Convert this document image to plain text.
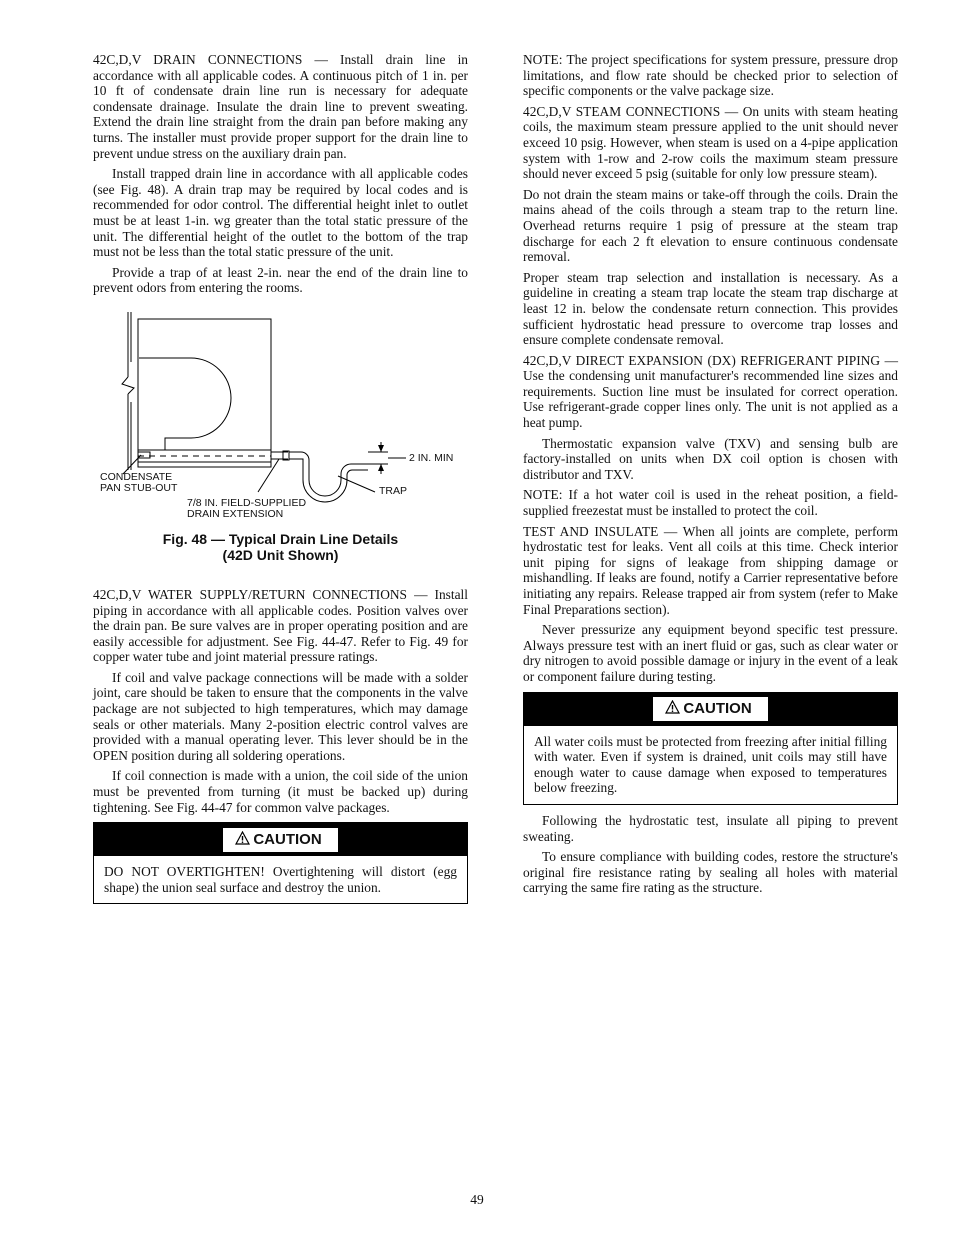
42C,D,V DRAIN CONNECTIONS — Install drain line in accordance with all applicable codes. A continuous pitch of 1 in. per 10 ft of condensate drain line run is necessary for adequate condensate drainage. Insulate the drain line to prevent sweating. Extend the drain line straight from the drain pan before making any turns. The installer must provide proper support for the drain line to prevent undue stress on the auxiliary drain pan.

Install trapped drain line in accordance with all applicable codes (see Fig. 48). A drain trap may be required by local codes and is recommended for odor control. The differential height inlet to outlet must be at least 1-in. wg greater than the total static pressure of the unit. The differential height of the outlet to the bottom of the trap must not be less than the total static pressure of the unit.

Provide a trap of at least 2-in. near the end of the drain line to prevent odors from entering the rooms.

2 IN. MIN
TRAP
CONDENSATE
PAN STUB-OUT
7/8 IN. FIELD-SUPPLIED
DRAIN EXTENSION
Fig. 48 — Typical Drain Line Details
(42D Unit Shown)

42C,D,V WATER SUPPLY/RETURN CONNECTIONS — Install piping in accordance with all applicable codes. Position valves over the drain pan. Be sure valves are in proper operating position and are easily accessible for adjustment. See Fig. 44-47. Refer to Fig. 49 for copper water tube and joint material pressure ratings.

If coil and valve package connections will be made with a solder joint, care should be taken to ensure that the components in the valve package are not subjected to high temperatures, which may damage seals or other materials. Many 2-position electric control valves are provided with a manual operating lever. This lever should be in the OPEN position during all soldering operations.

If coil connection is made with a union, the coil side of the union must be prevented from turning (it must be backed up) during tightening. See Fig. 44-47 for common valve packages.

CAUTION
DO NOT OVERTIGHTEN! Overtightening will distort (egg shape) the union seal surface and destroy the union.

NOTE: The project specifications for system pressure, pressure drop limitations, and flow rate should be checked prior to selection of specific components or the valve package size.

42C,D,V STEAM CONNECTIONS — On units with steam heating coils, the maximum steam pressure applied to the unit should never exceed 10 psig. However, when steam is used on a 4-pipe application system with 1-row and 2-row coils the maximum steam pressure should never exceed 5 psig (suitable for only low pressure steam).

Do not drain the steam mains or take-off through the coils. Drain the mains ahead of the coils through a steam trap to the return line. Overhead returns require 1 psig of pressure at the steam trap discharge for each 2 ft elevation to ensure continuous condensate removal.

Proper steam trap selection and installation is necessary. As a guideline in creating a steam trap locate the steam trap discharge at least 12 in. below the condensate return connection. This provides sufficient hydrostatic head pressure to overcome trap losses and ensure complete condensate removal.

42C,D,V DIRECT EXPANSION (DX) REFRIGERANT PIPING — Use the condensing unit manufacturer's recommended line sizes and requirements. Suction line must be insulated for correct operation. Use refrigerant-grade copper lines only. The unit is not applied as a heat pump.

Thermostatic expansion valve (TXV) and sensing bulb are factory-installed on units when DX coil option is chosen with distributor and TXV.

NOTE: If a hot water coil is used in the reheat position, a field-supplied freezestat must be installed to protect the coil.

TEST AND INSULATE — When all joints are complete, perform hydrostatic test for leaks. Vent all coils at this time. Check interior unit piping for signs of leakage from shipping damage or mishandling. If leaks are found, notify a Carrier representative before initiating any repairs. Release trapped air from system (refer to Make Final Preparations section).

Never pressurize any equipment beyond specific test pressure. Always pressure test with an inert fluid or gas, such as clear water or dry nitrogen to avoid possible damage or injury in the event of a leak or component failure during testing.

CAUTION
All water coils must be protected from freezing after initial filling with water. Even if system is drained, unit coils may still have enough water to cause damage when exposed to temperatures below freezing.

Following the hydrostatic test, insulate all piping to prevent sweating.

To ensure compliance with building codes, restore the structure's original fire resistance rating by sealing all holes with material carrying the same fire rating as the structure.

49
